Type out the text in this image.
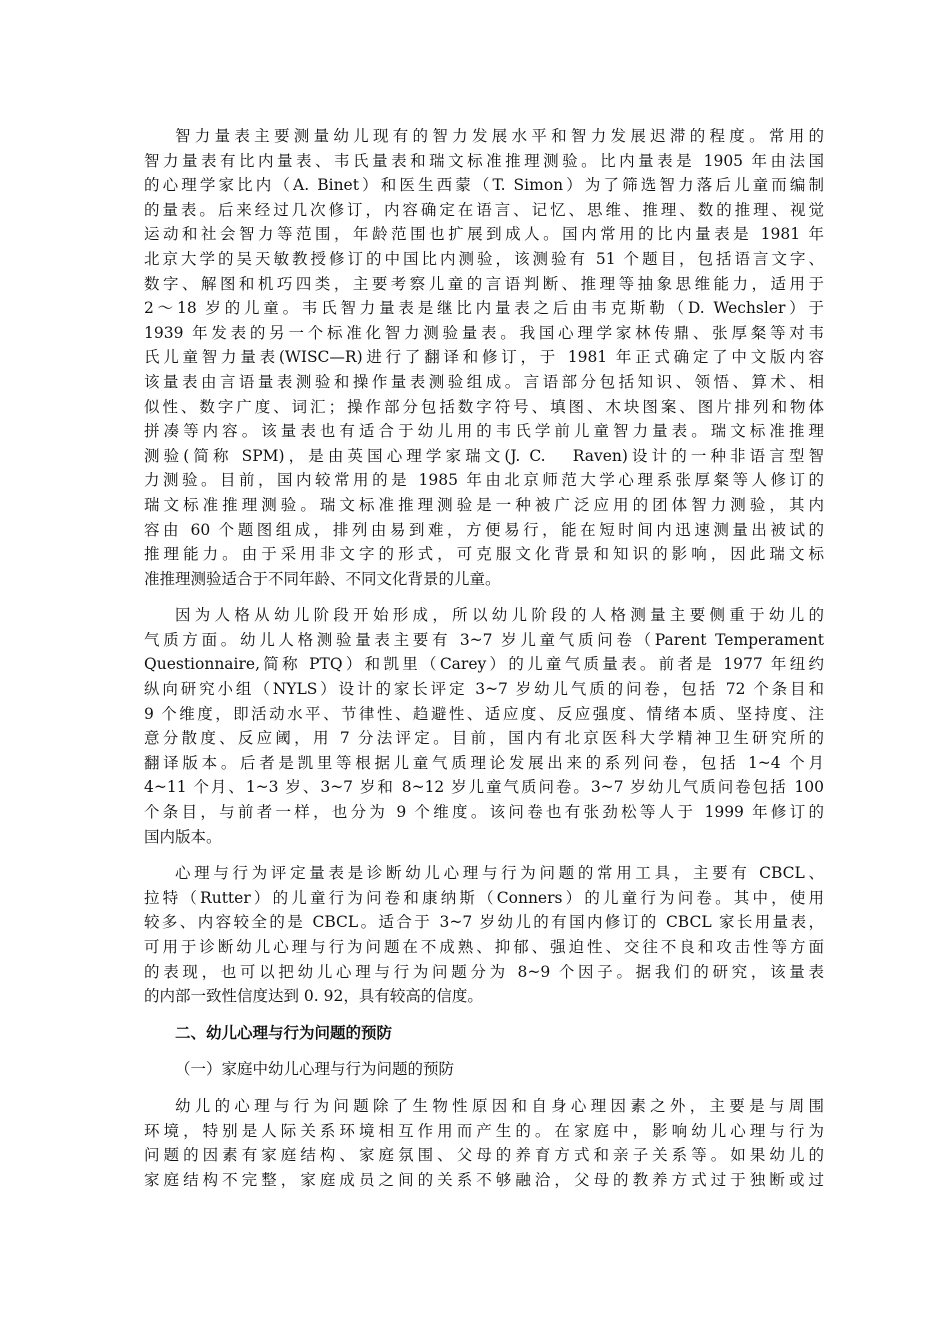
智力量表主要测量幼儿现有的智力发展水平和智力发展迟滞的程度。常用的
智力量表有比内量表、韦氏量表和瑞文标准推理测验。比内量表是 1905 年由法国
的心理学家比内（A. Binet）和医生西蒙（T. Simon）为了筛选智力落后儿童而编制
的量表。后来经过几次修订，内容确定在语言、记忆、思维、推理、数的推理、视觉
运动和社会智力等范围，年龄范围也扩展到成人。国内常用的比内量表是 1981 年
北京大学的吴天敏教授修订的中国比内测验，该测验有 51 个题目，包括语言文字、
数字、解图和机巧四类，主要考察儿童的言语判断、推理等抽象思维能力，适用于
2～18 岁的儿童。韦氏智力量表是继比内量表之后由韦克斯勒（D. Wechsler）于
1939 年发表的另一个标准化智力测验量表。我国心理学家林传鼎、张厚粲等对韦
氏儿童智力量表(WISC—R)进行了翻译和修订，于 1981 年正式确定了中文版内容
该量表由言语量表测验和操作量表测验组成。言语部分包括知识、领悟、算术、相
似性、数字广度、词汇；操作部分包括数字符号、填图、木块图案、图片排列和物体
拼凑等内容。该量表也有适合于幼儿用的韦氏学前儿童智力量表。瑞文标准推理
测验(简称 SPM)，是由英国心理学家瑞文(J. C.   Raven)设计的一种非语言型智
力测验。目前，国内较常用的是 1985 年由北京师范大学心理系张厚粲等人修订的
瑞文标准推理测验。瑞文标准推理测验是一种被广泛应用的团体智力测验，其内
容由 60 个题图组成，排列由易到难，方便易行，能在短时间内迅速测量出被试的
推理能力。由于采用非文字的形式，可克服文化背景和知识的影响，因此瑞文标
准推理测验适合于不同年龄、不同文化背景的儿童。
因为人格从幼儿阶段开始形成，所以幼儿阶段的人格测量主要侧重于幼儿的
气质方面。幼儿人格测验量表主要有 3~7 岁儿童气质问卷（Parent Temperament
Questionnaire,简称 PTQ）和凯里（Carey）的儿童气质量表。前者是 1977 年纽约
纵向研究小组（NYLS）设计的家长评定 3~7 岁幼儿气质的问卷，包括 72 个条目和
9 个维度，即活动水平、节律性、趋避性、适应度、反应强度、情绪本质、坚持度、注
意分散度、反应阈，用 7 分法评定。目前，国内有北京医科大学精神卫生研究所的
翻译版本。后者是凯里等根据儿童气质理论发展出来的系列问卷，包括 1~4 个月
4~11 个月、1~3 岁、3~7 岁和 8~12 岁儿童气质问卷。3~7 岁幼儿气质问卷包括 100
个条目，与前者一样，也分为 9 个维度。该问卷也有张劲松等人于 1999 年修订的
国内版本。
心理与行为评定量表是诊断幼儿心理与行为问题的常用工具，主要有 CBCL、
拉特（Rutter）的儿童行为问卷和康纳斯（Conners）的儿童行为问卷。其中，使用
较多、内容较全的是 CBCL。适合于 3~7 岁幼儿的有国内修订的 CBCL 家长用量表，
可用于诊断幼儿心理与行为问题在不成熟、抑郁、强迫性、交往不良和攻击性等方面
的表现，也可以把幼儿心理与行为问题分为 8~9 个因子。据我们的研究，该量表
的内部一致性信度达到 0. 92，具有较高的信度。
二、幼儿心理与行为问题的预防
（一）家庭中幼儿心理与行为问题的预防
幼儿的心理与行为问题除了生物性原因和自身心理因素之外，主要是与周围
环境，特别是人际关系环境相互作用而产生的。在家庭中，影响幼儿心理与行为
问题的因素有家庭结构、家庭氛围、父母的养育方式和亲子关系等。如果幼儿的
家庭结构不完整，家庭成员之间的关系不够融洽，父母的教养方式过于独断或过
